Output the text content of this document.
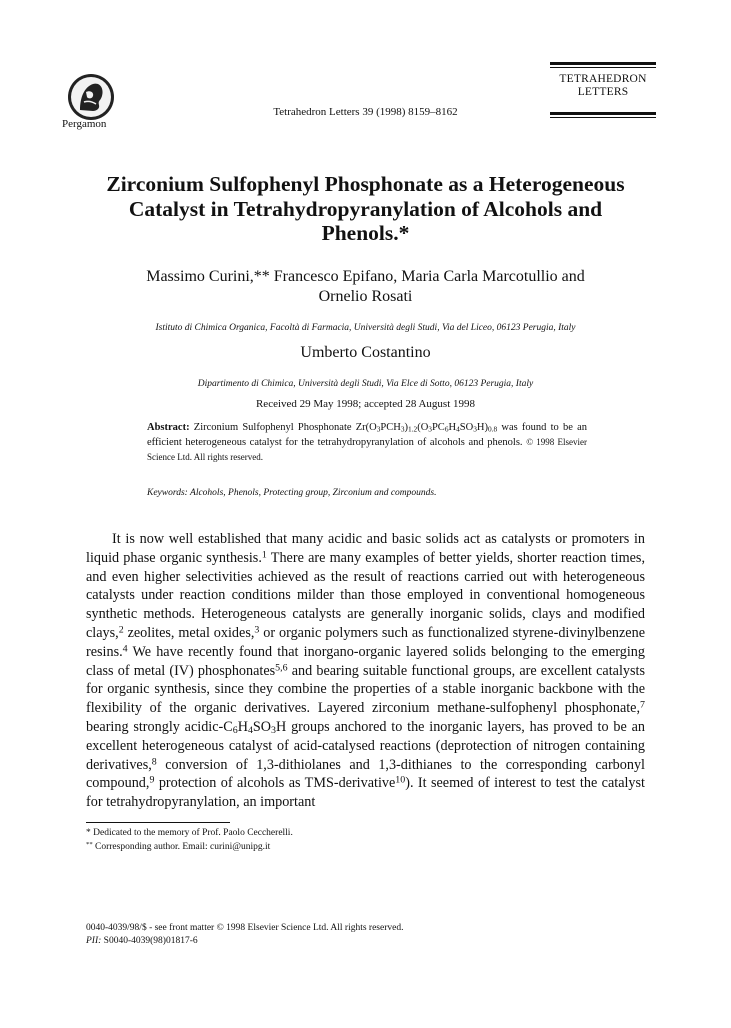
Pergamon
Tetrahedron Letters 39 (1998) 8159–8162
TETRAHEDRON
LETTERS
Zirconium Sulfophenyl Phosphonate as a Heterogeneous
Catalyst in Tetrahydropyranylation of Alcohols and
Phenols.*
Massimo Curini,** Francesco Epifano, Maria Carla Marcotullio and
Ornelio Rosati
Istituto di Chimica Organica, Facoltà di Farmacia, Università degli Studi, Via del Liceo, 06123 Perugia, Italy
Umberto Costantino
Dipartimento di Chimica, Università degli Studi, Via Elce di Sotto, 06123 Perugia, Italy
Received 29 May 1998; accepted 28 August 1998
Abstract: Zirconium Sulfophenyl Phosphonate $Zr(O_3PCH_3)_{1.2}(O_3PC_6H_4SO_3H)_{0.8}$ was found to be an efficient heterogeneous catalyst for the tetrahydropyranylation of alcohols and phenols. © 1998 Elsevier Science Ltd. All rights reserved.
Keywords: Alcohols, Phenols, Protecting group, Zirconium and compounds.

It is now well established that many acidic and basic solids act as catalysts or promoters in liquid phase organic synthesis.$^1$ There are many examples of better yields, shorter reaction times, and even higher selectivities achieved as the result of reactions carried out with heterogeneous catalysts under reaction conditions milder than those employed in conventional homogeneous synthetic methods. Heterogeneous catalysts are generally inorganic solids, clays and modified clays,$^2$ zeolites, metal oxides,$^3$ or organic polymers such as functionalized styrene-divinylbenzene resins.$^4$ We have recently found that inorgano-organic layered solids belonging to the emerging class of metal (IV) phosphonates$^{5,6}$ and bearing suitable functional groups, are excellent catalysts for organic synthesis, since they combine the properties of a stable inorganic backbone with the flexibility of the organic derivatives. Layered zirconium methane-sulfophenyl phosphonate,$^7$ bearing strongly acidic-$C_6H_4SO_3H$ groups anchored to the inorganic layers, has proved to be an excellent heterogeneous catalyst of acid-catalysed reactions (deprotection of nitrogen containing derivatives,$^8$ conversion of 1,3-dithiolanes and 1,3-dithianes to the corresponding carbonyl compound,$^9$ protection of alcohols as TMS-derivative$^{10}$). It seemed of interest to test the catalyst for tetrahydropyranylation, an important

* Dedicated to the memory of Prof. Paolo Ceccherelli.
** Corresponding author. Email: curini@unipg.it
0040-4039/98/$ - see front matter © 1998 Elsevier Science Ltd. All rights reserved.
PII: S0040-4039(98)01817-6
